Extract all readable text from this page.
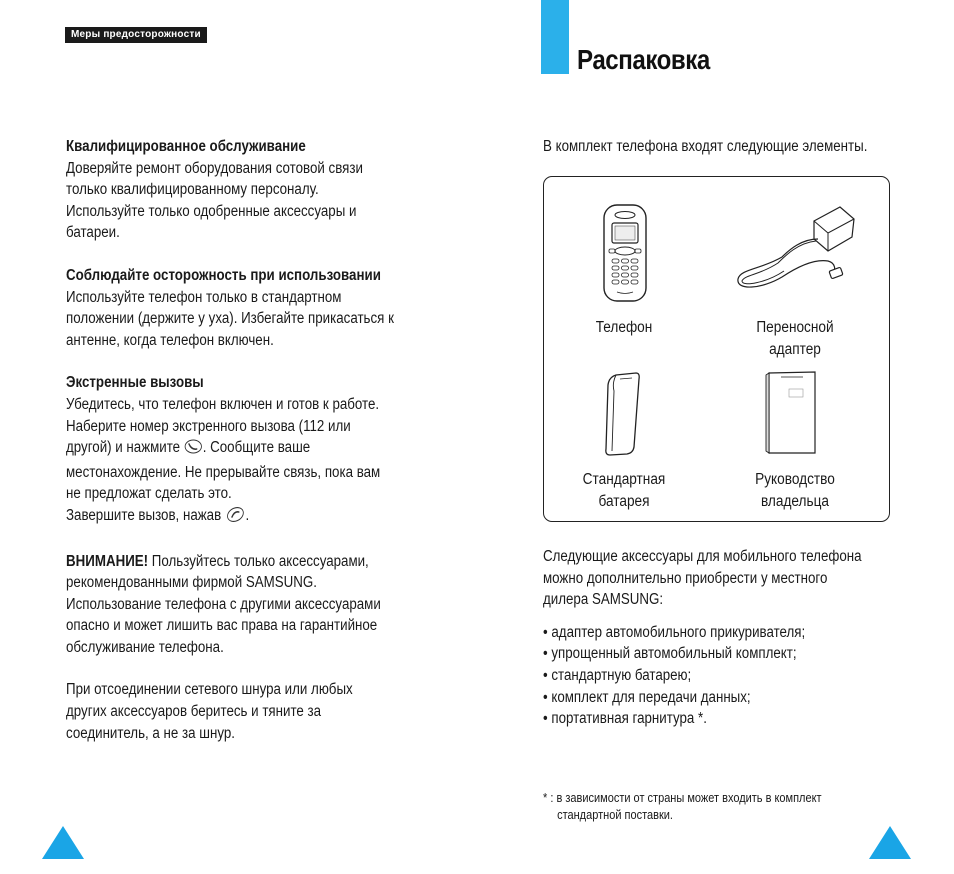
Меры предосторожности
Распаковка
Квалифицированное обслуживание
Доверяйте ремонт оборудования сотовой связи
только квалифицированному персоналу.
Используйте только одобренные аксессуары и
батареи.
Соблюдайте осторожность при использовании
Используйте телефон только в стандартном
положении (держите у уха). Избегайте прикасаться к
антенне, когда телефон включен.
Экстренные вызовы
Убедитесь, что телефон включен и готов к работе.
Наберите номер экстренного вызова (112 или
другой) и нажмите . Сообщите ваше
местонахождение. Не прерывайте связь, пока вам
не предложат сделать это.
Завершите вызов, нажав .
ВНИМАНИЕ! Пользуйтесь только аксессуарами,
рекомендованными фирмой SAMSUNG.
Использование телефона с другими аксессуарами
опасно и может лишить вас права на гарантийное
обслуживание телефона.
При отсоединении сетевого шнура или любых
других аксессуаров беритесь и тяните за
соединитель, а не за шнур.
В комплект телефона входят следующие элементы.
Телефон	Переносной
адаптер
Стандартная
батарея
Руководство
владельца
Следующие аксессуары для мобильного телефона
можно дополнительно приобрести у местного
дилера SAMSUNG:
• адаптер автомобильного прикуривателя;
• упрощенный автомобильный комплект;
• стандартную батарею;
• комплект для передачи данных;
• портативная гарнитура *.
* : в зависимости от страны может входить в комплект
стандартной поставки.
